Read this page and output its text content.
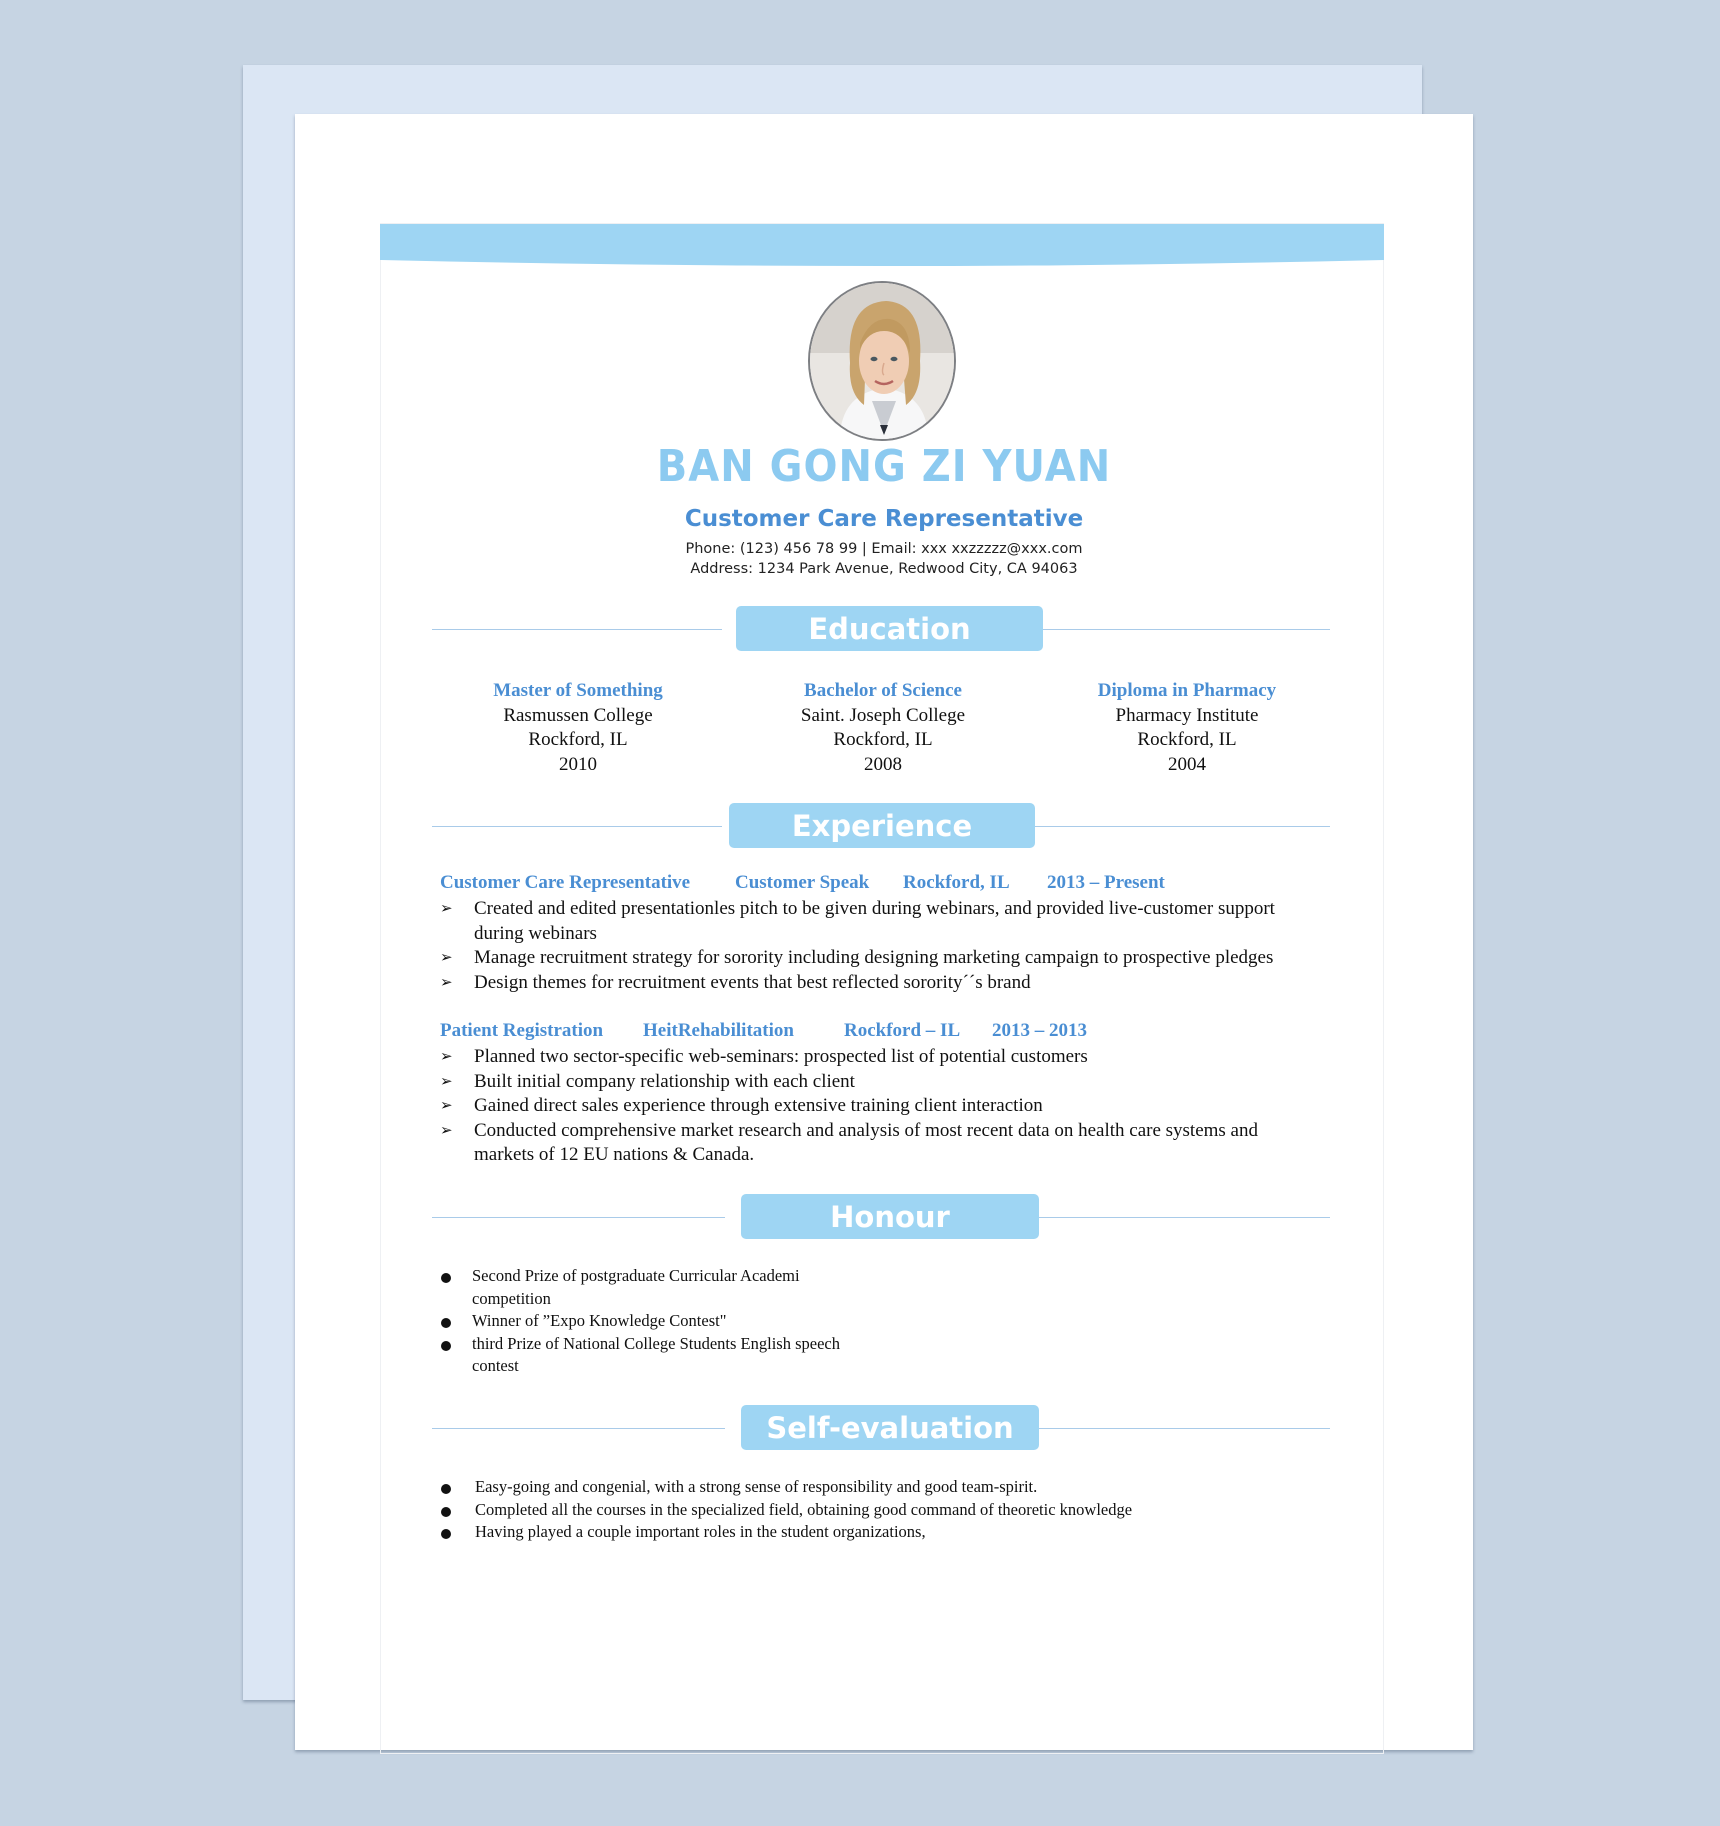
BAN GONG ZI YUAN
Customer Care Representative
Phone: (123) 456 78 99 | Email: xxx xxzzzzz@xxx.com
Address: 1234 Park Avenue, Redwood City, CA 94063
Education
Master of Something
Rasmussen College
Rockford, IL
2010
Bachelor of Science
Saint. Joseph College
Rockford, IL
2008
Diploma in Pharmacy
Pharmacy Institute
Rockford, IL
2004
Experience
Customer Care Representative Customer Speak Rockford, IL 2013 – Present
➢ Created and edited presentationles pitch to be given during webinars, and provided live-customer support during webinars
➢ Manage recruitment strategy for sorority including designing marketing campaign to prospective pledges
➢ Design themes for recruitment events that best reflected sorority´´s brand
Patient Registration HeitRehabilitation	Rockford – IL 2013 – 2013
➢ Planned two sector-specific web-seminars: prospected list of potential customers
➢ Built initial company relationship with each client
➢ Gained direct sales experience through extensive training client interaction
➢ Conducted comprehensive market research and analysis of most recent data on health care systems and markets of 12 EU nations & Canada.
Honour
Second Prize of postgraduate Curricular Academi competition
Winner of ”Expo Knowledge Contest"
third Prize of National College Students English speech contest
Self-evaluation
Easy-going and congenial, with a strong sense of responsibility and good team-spirit.
Completed all the courses in the specialized field, obtaining good command of theoretic knowledge
Having played a couple important roles in the student organizations,
